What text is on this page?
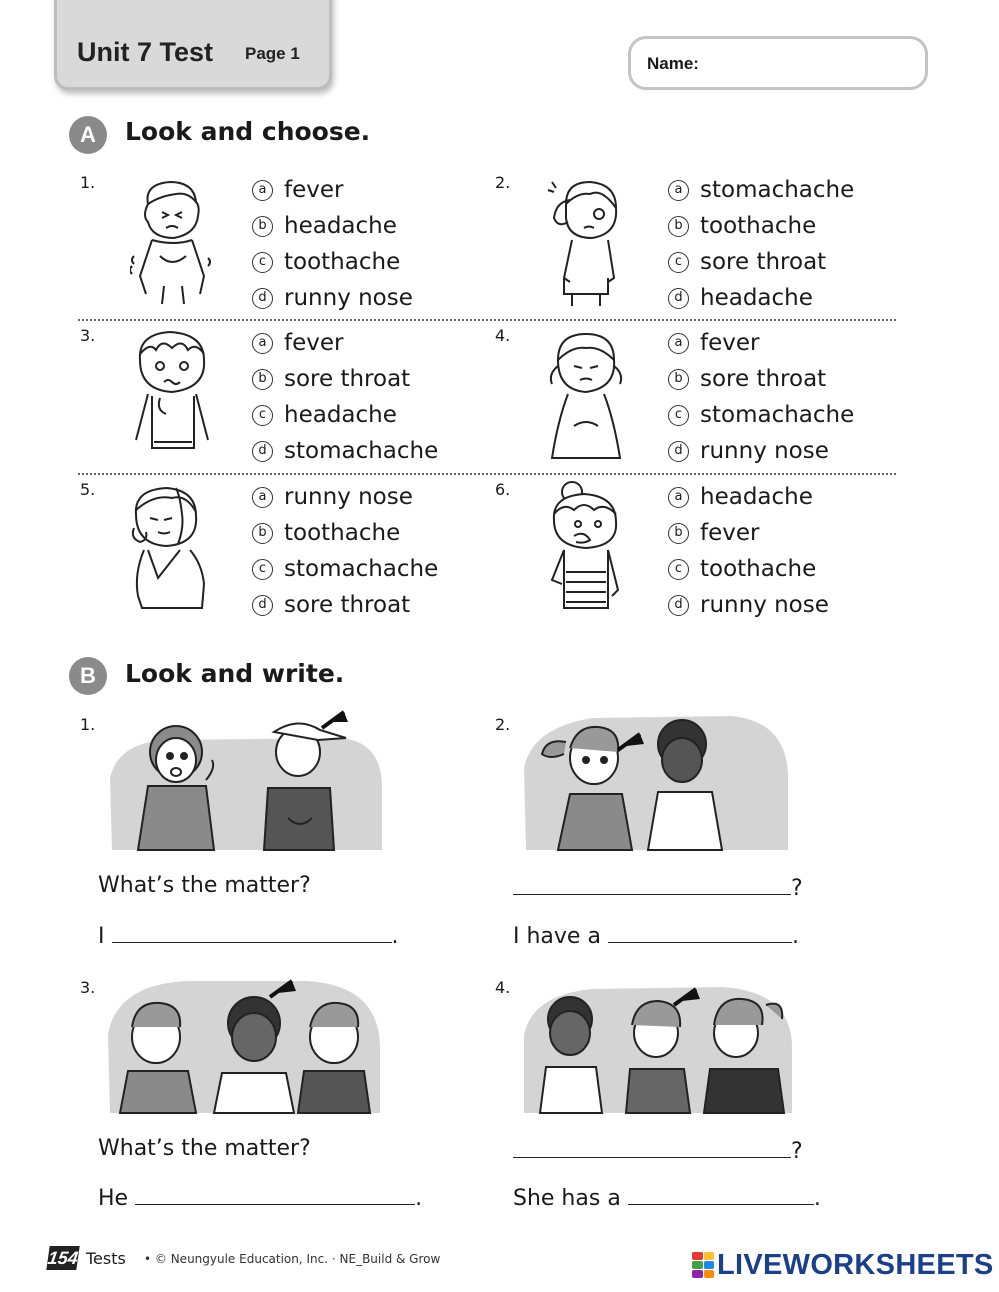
Unit 7 Test Page 1
Name:
A	Look and choose.
1.	a fever
b headache
c toothache
d runny nose
2.	a stomachache
b toothache
c sore throat
d headache
3.	a fever
b sore throat
c headache
d stomachache
4.	a fever
b sore throat
c stomachache
d runny nose
5.	a runny nose
b toothache
c stomachache
d sore throat
6.	a headache
b fever
c toothache
d runny nose
B	Look and write.
1.
What’s the matter?
I	.
2.
?
I have a	.
3.
What’s the matter?
He	.
4.
?
She has a	.
154 Tests • © Neungyule Education, Inc. · NE_Build & Grow	LIVEWORKSHEETS
